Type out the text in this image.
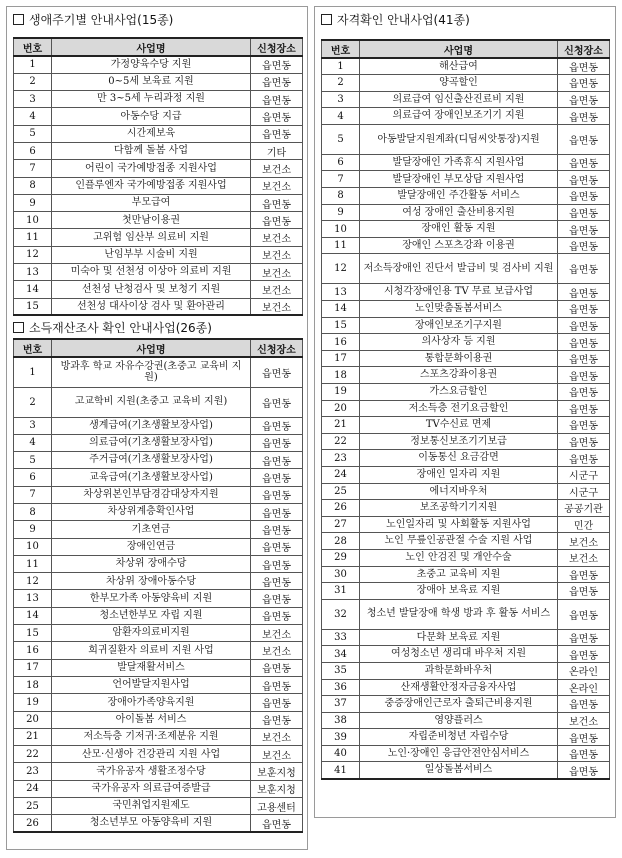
생애주기별 안내사업(15종)
번호	사업명	신청장소
1	가정양육수당 지원	읍면동
2	0~5세 보육료 지원	읍면동
3	만 3~5세 누리과정 지원	읍면동
4	아동수당 지급	읍면동
5	시간제보육	읍면동
6	다함께 돌봄 사업	기타
7	어린이 국가예방접종 지원사업	보건소
8	인플루엔자 국가예방접종 지원사업	보건소
9	부모급여	읍면동
10	첫만남이용권	읍면동
11	고위험 임산부 의료비 지원	보건소
12	난임부부 시술비 지원	보건소
13	미숙아 및 선천성 이상아 의료비 지원	보건소
14	선천성 난청검사 및 보청기 지원	보건소
15	선천성 대사이상 검사 및 환아관리	보건소
소득재산조사 확인 안내사업(26종)
번호	사업명	신청장소
1	방과후 학교 자유수강권(초중고 교육비 지원)	읍면동
2	고교학비 지원(초중고 교육비 지원)	읍면동
3	생계급여(기초생활보장사업)	읍면동
4	의료급여(기초생활보장사업)	읍면동
5	주거급여(기초생활보장사업)	읍면동
6	교육급여(기초생활보장사업)	읍면동
7	차상위본인부담경감대상자지원	읍면동
8	차상위계층확인사업	읍면동
9	기초연금	읍면동
10	장애인연금	읍면동
11	차상위 장애수당	읍면동
12	차상위 장애아동수당	읍면동
13	한부모가족 아동양육비 지원	읍면동
14	청소년한부모 자립 지원	읍면동
15	암환자의료비지원	보건소
16	희귀질환자 의료비 지원 사업	보건소
17	발달재활서비스	읍면동
18	언어발달지원사업	읍면동
19	장애아가족양육지원	읍면동
20	아이돌봄 서비스	읍면동
21	저소득층 기저귀·조제분유 지원	보건소
22	산모·신생아 건강관리 지원 사업	보건소
23	국가유공자 생활조정수당	보훈지청
24	국가유공자 의료급여증발급	보훈지청
25	국민취업지원제도	고용센터
26	청소년부모 아동양육비 지원	읍면동
자격확인 안내사업(41종)
번호	사업명	신청장소
1	해산급여	읍면동
2	양곡할인	읍면동
3	의료급여 임신출산진료비 지원	읍면동
4	의료급여 장애인보조기기 지원	읍면동
5	아동발달지원계좌(디딤씨앗통장)지원	읍면동
6	발달장애인 가족휴식 지원사업	읍면동
7	발달장애인 부모상담 지원사업	읍면동
8	발달장애인 주간활동 서비스	읍면동
9	여성 장애인 출산비용지원	읍면동
10	장애인 활동 지원	읍면동
11	장애인 스포츠강좌 이용권	읍면동
12	저소득장애인 진단서 발급비 및 검사비 지원	읍면동
13	시청각장애인용 TV 무료 보급사업	읍면동
14	노인맞춤돌봄서비스	읍면동
15	장애인보조기구지원	읍면동
16	의사상자 등 지원	읍면동
17	통합문화이용권	읍면동
18	스포츠강좌이용권	읍면동
19	가스요금할인	읍면동
20	저소득층 전기요금할인	읍면동
21	TV수신료 면제	읍면동
22	정보통신보조기기보급	읍면동
23	이동통신 요금감면	읍면동
24	장애인 일자리 지원	시군구
25	에너지바우처	시군구
26	보조공학기기지원	공공기관
27	노인일자리 및 사회활동 지원사업	민간
28	노인 무릎인공관절 수술 지원 사업	보건소
29	노인 안검진 및 개안수술	보건소
30	초중고 교육비 지원	읍면동
31	장애아 보육료 지원	읍면동
32	청소년 발달장애 학생 방과 후 활동 서비스	읍면동
33	다문화 보육료 지원	읍면동
34	여성청소년 생리대 바우처 지원	읍면동
35	과학문화바우처	온라인
36	산재생활안정자금융자사업	온라인
37	중증장애인근로자 출퇴근비용지원	읍면동
38	영양플러스	보건소
39	자립준비청년 자립수당	읍면동
40	노인·장애인 응급안전안심서비스	읍면동
41	일상돌봄서비스	읍면동
